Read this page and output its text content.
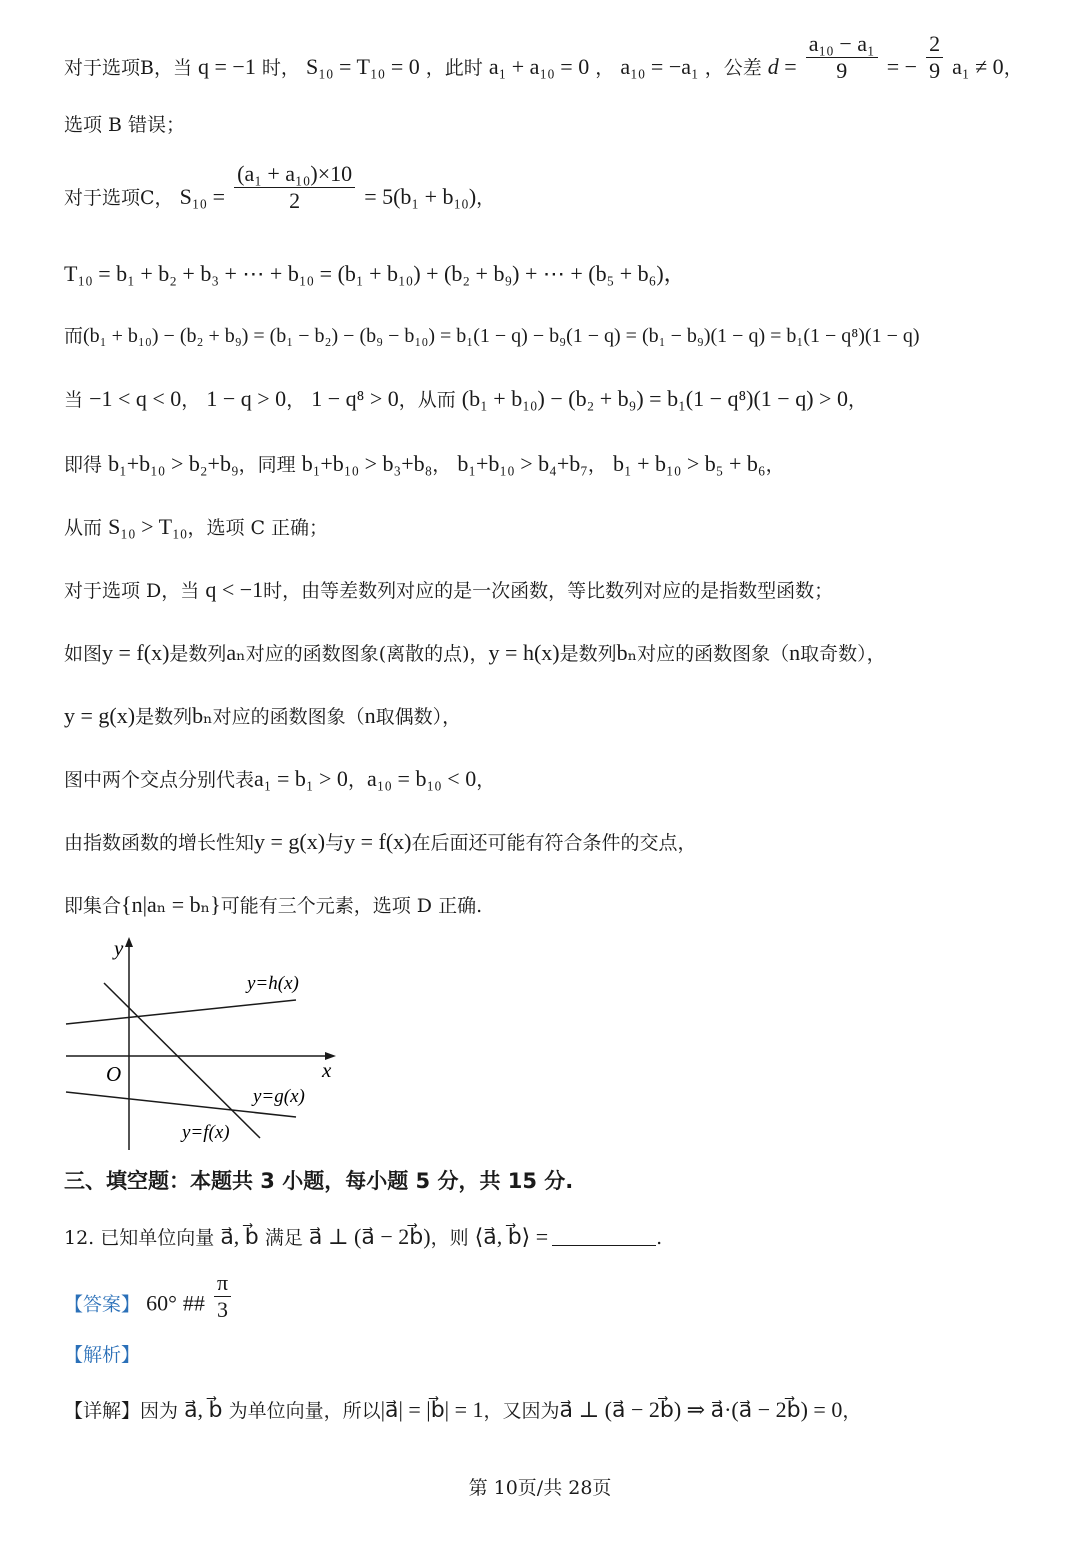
对于选项B，当 q = −1 时， S₁₀ = T₁₀ = 0 ，此时 a₁ + a₁₀ = 0 ， a₁₀ = −a₁ ，公差 $d = \frac{\text{a₁₀ − a₁}}{9}$ = − $\frac{2}{9} a_1 \ne 0$，
选项 B 错误；
对于选项C， $S_{10} = \frac{\text{(a₁ + a₁₀)×10}}{2} = 5(b_1 + b_{10})$，
T₁₀ = b₁ + b₂ + b₃ + ⋯ + b₁₀ = (b₁ + b₁₀) + (b₂ + b₉) + ⋯ + (b₅ + b₆)，
而(b₁ + b₁₀) − (b₂ + b₉) = (b₁ − b₂) − (b₉ − b₁₀) = b₁(1 − q) − b₉(1 − q) = (b₁ − b₉)(1 − q) = b₁(1 − q⁸)(1 − q)
当 −1 < q < 0， 1 − q > 0， 1 − q⁸ > 0，从而 (b₁ + b₁₀) − (b₂ + b₉) = b₁(1 − q⁸)(1 − q) > 0，
即得 b₁+b₁₀ > b₂+b₉，同理 b₁+b₁₀ > b₃+b₈， b₁+b₁₀ > b₄+b₇， b₁ + b₁₀ > b₅ + b₆，
从而 S₁₀ > T₁₀，选项 C 正确；
对于选项 D，当 q < −1时，由等差数列对应的是一次函数，等比数列对应的是指数型函数；
如图y = f(x)是数列aₙ对应的函数图象(离散的点)，y = h(x)是数列bₙ对应的函数图象（n取奇数），
y = g(x)是数列bₙ对应的函数图象（n取偶数），
图中两个交点分别代表a₁ = b₁ > 0，a₁₀ = b₁₀ < 0，
由指数函数的增长性知y = g(x)与y = f(x)在后面还可能有符合条件的交点，
即集合{n|aₙ = bₙ}可能有三个元素，选项 D 正确.
y
x
O
y=h(x)
y=g(x)
y=f(x)
三、填空题：本题共 3 小题，每小题 5 分，共 15 分.
12. 已知单位向量 a⃗, b⃗ 满足 a⃗ ⊥ (a⃗ − 2b⃗)，则 ⟨a⃗, b⃗⟩ =	.
【答案】 60° ## $\frac{\pi}{3}$
【解析】
【详解】因为 a⃗, b⃗ 为单位向量，所以|a⃗| = |b⃗| = 1，又因为a⃗ ⊥ (a⃗ − 2b⃗) ⇒ a⃗·(a⃗ − 2b⃗) = 0，
第 10页/共 28页
